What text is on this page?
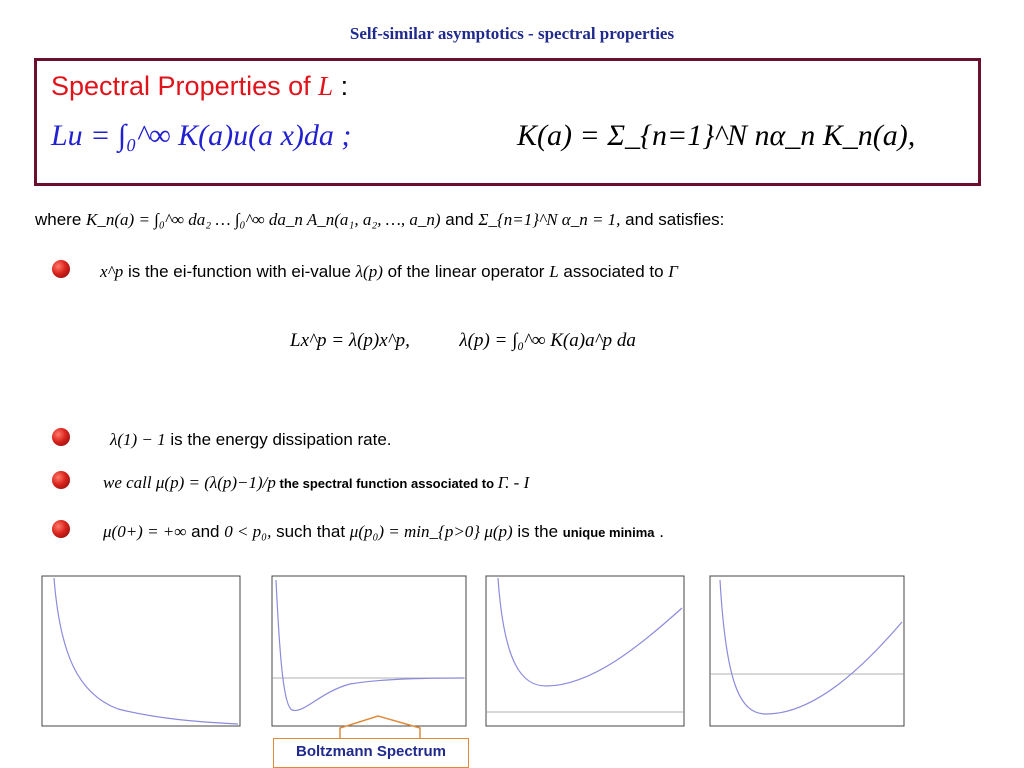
Self-similar asymptotics - spectral properties
Spectral Properties of L :
Lu = ∫₀^∞ K(a)u(a x)da ;	K(a) = Σ_{n=1}^N nα_n K_n(a),
where K_n(a) = ∫₀^∞ da₂ … ∫₀^∞ da_n A_n(a₁, a₂, …, a_n) and Σ_{n=1}^N α_n = 1, and satisfies:
x^p is the ei-function with ei-value λ(p) of the linear operator L associated to Γ
Lx^p = λ(p)x^p,	λ(p) = ∫₀^∞ K(a)a^p da
λ(1) − 1 is the energy dissipation rate.
we call μ(p) = (λ(p)−1)/p the spectral function associated to Γ. - I
μ(0+) = +∞ and 0 < p₀, such that μ(p₀) = min_{p>0} μ(p) is the unique minima .
Boltzmann Spectrum
